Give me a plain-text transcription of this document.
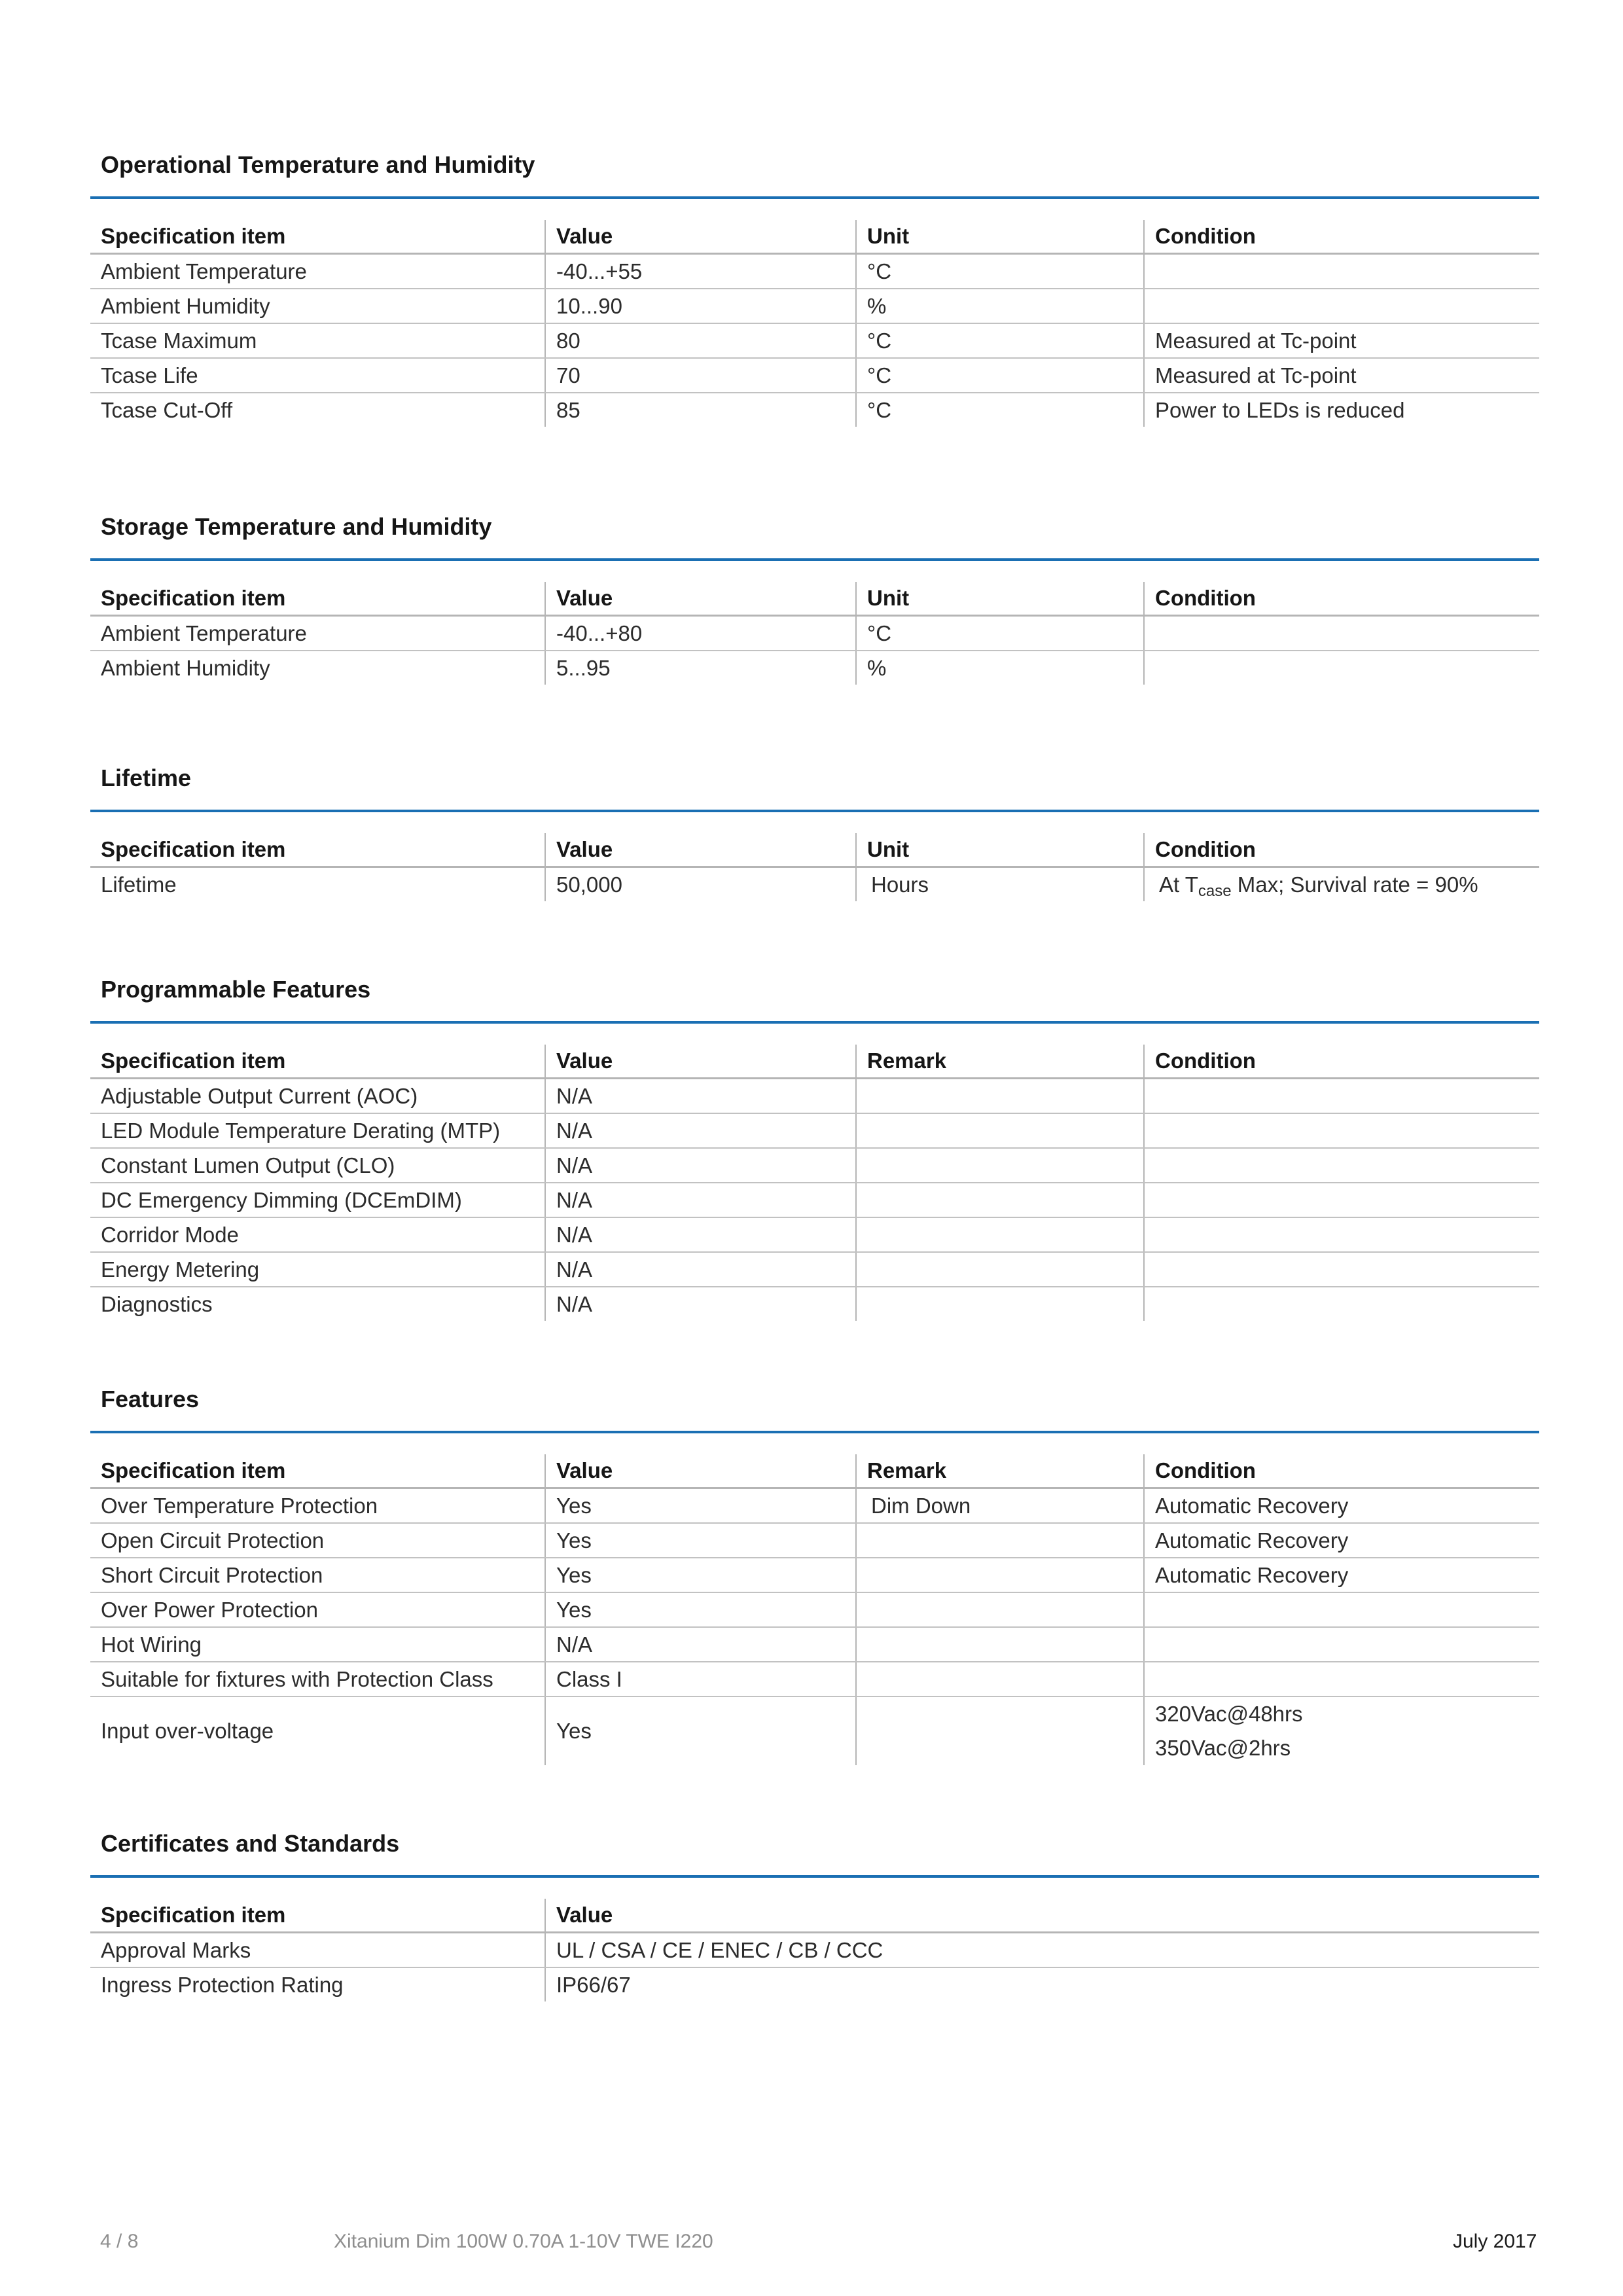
Operational Temperature and Humidity
Specification item	Value	Unit	Condition
Ambient Temperature	-40...+55	°C	
Ambient Humidity	10...90	%	
Tcase Maximum	80	°C	Measured at Tc-point
Tcase Life	70	°C	Measured at Tc-point
Tcase Cut-Off	85	°C	Power to LEDs is reduced
Storage Temperature and Humidity
Specification item	Value	Unit	Condition
Ambient Temperature	-40...+80	°C	
Ambient Humidity	5...95	%	
Lifetime
Specification item	Value	Unit	Condition
Lifetime	50,000	Hours	At $T_{case}$ Max; Survival rate = 90%
Programmable Features
Specification item	Value	Remark	Condition
Adjustable Output Current (AOC)	N/A		
LED Module Temperature Derating (MTP)	N/A		
Constant Lumen Output (CLO)	N/A		
DC Emergency Dimming (DCEmDIM)	N/A		
Corridor Mode	N/A		
Energy Metering	N/A		
Diagnostics	N/A		
Features
Specification item	Value	Remark	Condition
Over Temperature Protection	Yes	Dim Down	Automatic Recovery
Open Circuit Protection	Yes		Automatic Recovery
Short Circuit Protection	Yes		Automatic Recovery
Over Power Protection	Yes		
Hot Wiring	N/A		
Suitable for fixtures with Protection Class	Class I		
Input over-voltage	Yes		320Vac@48hrs
350Vac@2hrs
Certificates and Standards
Specification item	Value
Approval Marks	UL / CSA / CE / ENEC / CB / CCC
Ingress Protection Rating	IP66/67
4 / 8	Xitanium Dim 100W 0.70A 1-10V TWE I220	July 2017
